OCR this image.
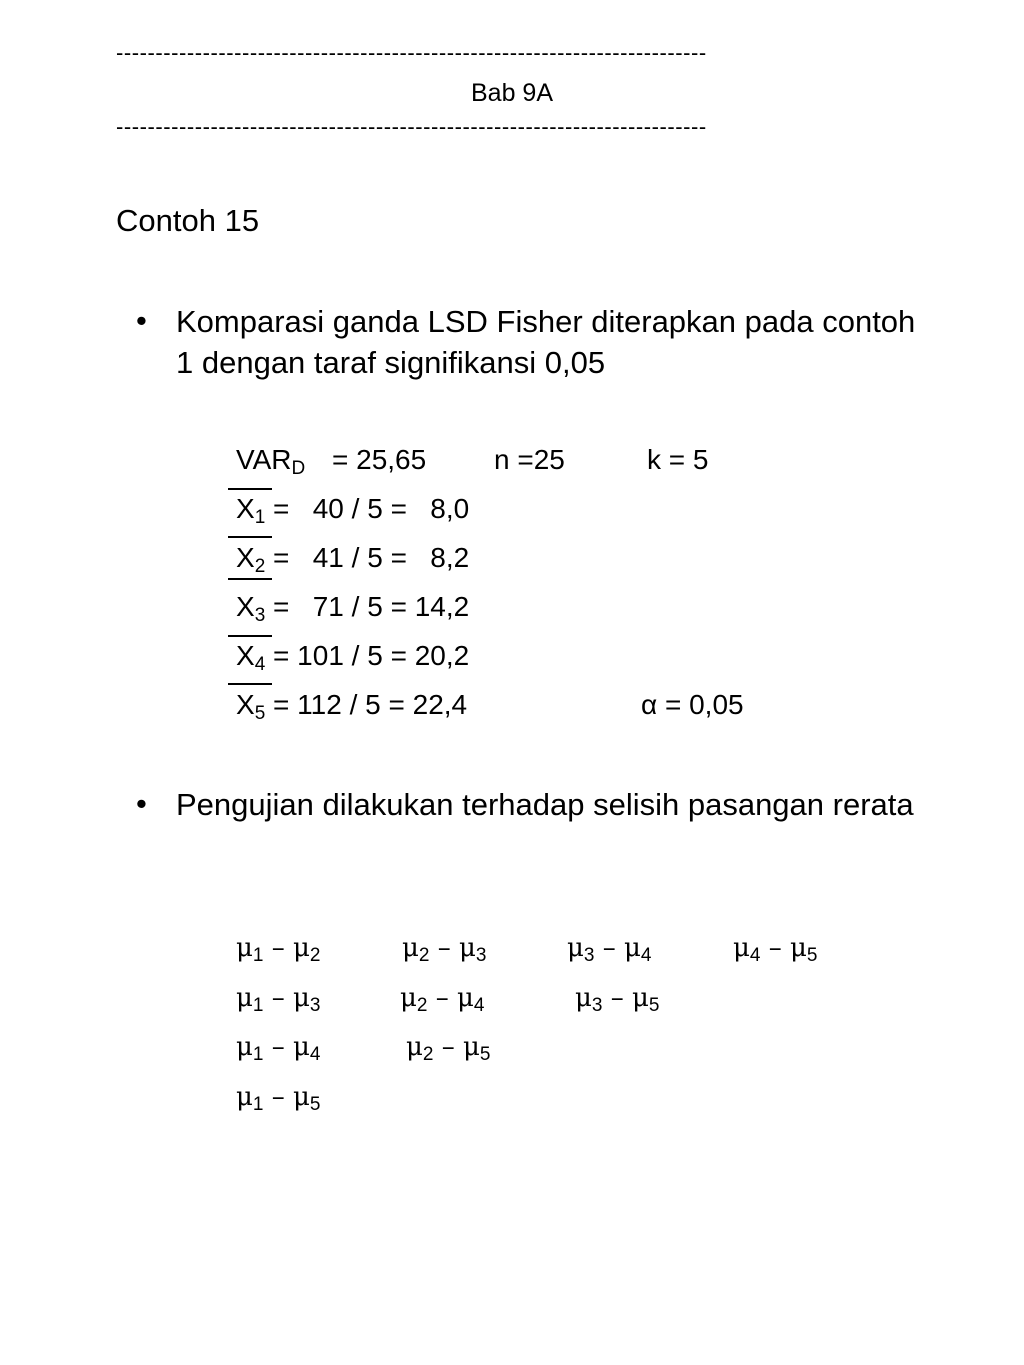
---------------------------------------------------------------------------
Bab 9A
---------------------------------------------------------------------------
Contoh 15
• Komparasi ganda LSD Fisher diterapkan pada contoh 1 dengan taraf signifikansi 0,05
$VAR_D = 25,65$ n =25	k = 5
$X_1 = 40 / 5 = 8,0$
$X_2 = 41 / 5 = 8,2$
$X_3 = 71 / 5 = 14,2$
$X_4 = 101 / 5 = 20,2$
$X_5 = 112 / 5 = 22,4$	α = 0,05
• Pengujian dilakukan terhadap selisih pasangan rerata
$\mu_1 - \mu_2$	$\mu_2 - \mu_3$	$\mu_3 - \mu_4$	$\mu_4 - \mu_5$
$\mu_1 - \mu_3$	$\mu_2 - \mu_4$	$\mu_3 - \mu_5$
$\mu_1 - \mu_4$	$\mu_2 - \mu_5$
$\mu_1 - \mu_5$
